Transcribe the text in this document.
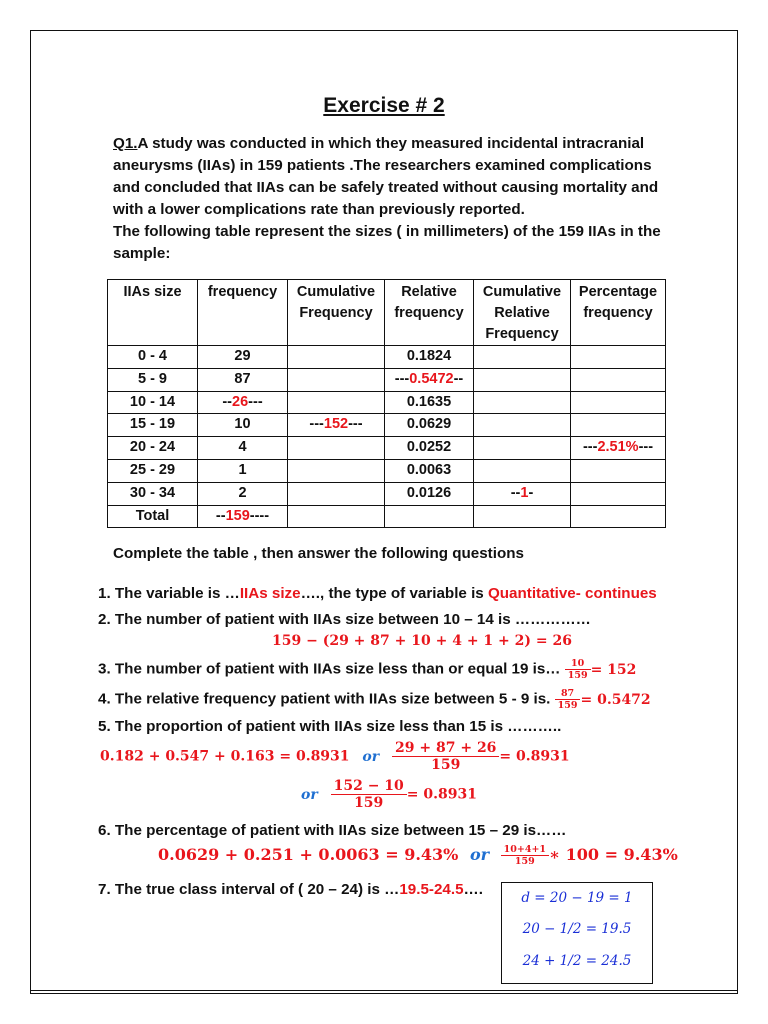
Exercise # 2

Q1.A study was conducted in which they measured incidental intracranial aneurysms (IIAs) in 159 patients .The researchers examined complications and concluded that IIAs can be safely treated without causing mortality and with a lower complications rate than previously reported.

The following table represent the sizes ( in millimeters) of the 159 IIAs in the sample:

IIAs size	frequency	Cumulative Frequency	Relative frequency	Cumulative Relative Frequency	Percentage frequency
0 - 4	29		0.1824		
5 - 9	87		---0.5472--		
10 - 14	--26---		0.1635		
15 - 19	10	---152---	0.0629		
20 - 24	4		0.0252		---2.51%---
25 - 29	1		0.0063		
30 - 34	2		0.0126	--1-	
Total	--159----				
Complete the table , then answer the following questions
1. The variable is …IIAs size…., the type of variable is Quantitative- continues
2. The number of patient with IIAs size between 10 – 14 is ……………
159 − (29 + 87 + 10 + 4 + 1 + 2) = 26
3. The number of patient with IIAs size less than or equal 19 is… $\frac{10}{159} = 152$
4. The relative frequency patient with IIAs size between 5 - 9 is. $\frac{87}{159} = 0.5472$
5. The proportion of patient with IIAs size less than 15 is ………..
0.182 + 0.547 + 0.163 = 0.8931 or $\frac{29 + 87 + 26}{159} = 0.8931$
or $\frac{152 - 10}{159} = 0.8931$
6. The percentage of patient with IIAs size between 15 – 29 is……
0.0629 + 0.251 + 0.0063 = 9.43% or $\frac{10+4+1}{159}$ ∗ 100 = 9.43%
7. The true class interval of ( 20 – 24) is …19.5-24.5….	d = 20 − 19 = 1
20 − 1/2 = 19.5
24 + 1/2 = 24.5
